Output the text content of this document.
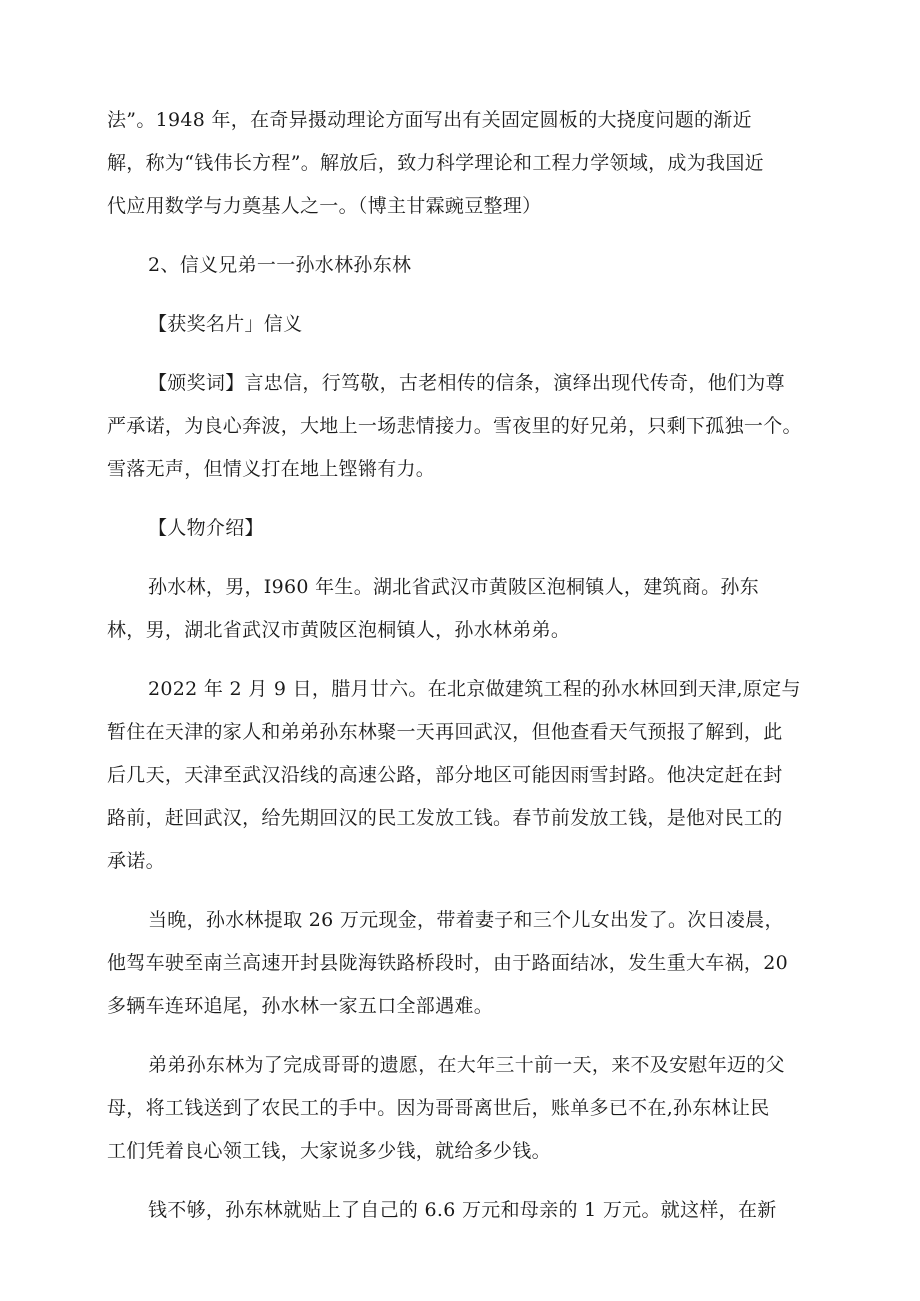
法”。1948 年，在奇异摄动理论方面写出有关固定圆板的大挠度问题的渐近

解，称为“钱伟长方程”。解放后，致力科学理论和工程力学领域，成为我国近

代应用数学与力奠基人之一。（博主甘霖豌豆整理）

2、信义兄弟一一孙水林孙东林

【获奖名片」信义

【颁奖词】言忠信，行笃敬，古老相传的信条，演绎出现代传奇，他们为尊

严承诺，为良心奔波，大地上一场悲情接力。雪夜里的好兄弟，只剩下孤独一个。

雪落无声，但情义打在地上铿锵有力。

【人物介绍】

孙水林，男，I960 年生。湖北省武汉市黄陂区泡桐镇人，建筑商。孙东

林，男，湖北省武汉市黄陂区泡桐镇人，孙水林弟弟。

2022 年 2 月 9 日，腊月廿六。在北京做建筑工程的孙水林回到天津,原定与

暂住在天津的家人和弟弟孙东林聚一天再回武汉，但他查看天气预报了解到，此

后几天，天津至武汉沿线的高速公路，部分地区可能因雨雪封路。他决定赶在封

路前，赶回武汉，给先期回汉的民工发放工钱。春节前发放工钱，是他对民工的

承诺。

当晚，孙水林提取 26 万元现金，带着妻子和三个儿女出发了。次日凌晨，

他驾车驶至南兰高速开封县陇海铁路桥段时，由于路面结冰，发生重大车祸，20

多辆车连环追尾，孙水林一家五口全部遇难。

弟弟孙东林为了完成哥哥的遗愿，在大年三十前一天，来不及安慰年迈的父

母，将工钱送到了农民工的手中。因为哥哥离世后，账单多已不在,孙东林让民

工们凭着良心领工钱，大家说多少钱，就给多少钱。

钱不够，孙东林就贴上了自己的 6.6 万元和母亲的 1 万元。就这样，在新
